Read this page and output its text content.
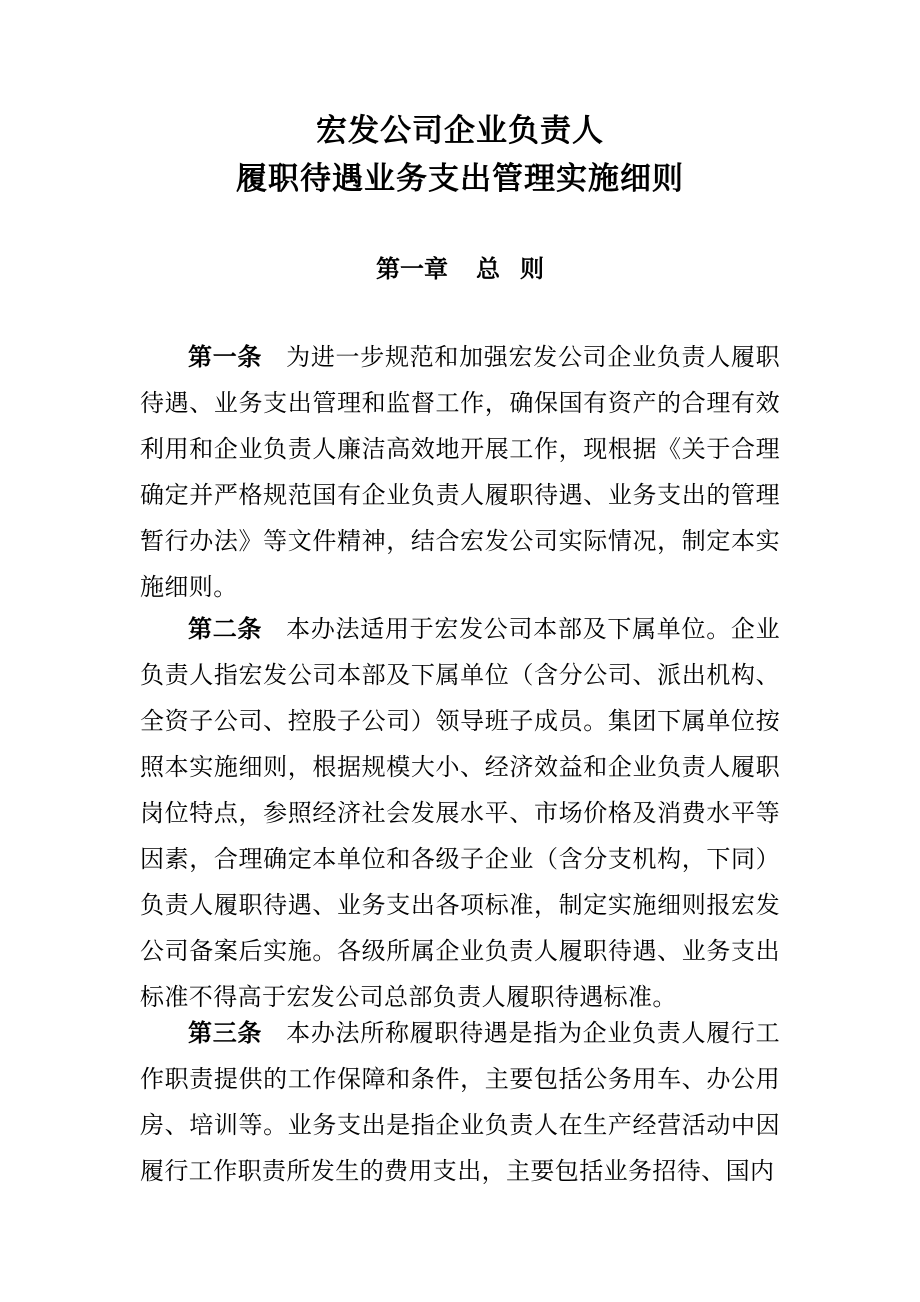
宏发公司企业负责人
履职待遇业务支出管理实施细则
第一章 总 则
第一条 为进一步规范和加强宏发公司企业负责人履职待遇、业务支出管理和监督工作，确保国有资产的合理有效利用和企业负责人廉洁高效地开展工作，现根据《关于合理确定并严格规范国有企业负责人履职待遇、业务支出的管理暂行办法》等文件精神，结合宏发公司实际情况，制定本实施细则。
第二条 本办法适用于宏发公司本部及下属单位。企业负责人指宏发公司本部及下属单位（含分公司、派出机构、全资子公司、控股子公司）领导班子成员。集团下属单位按照本实施细则，根据规模大小、经济效益和企业负责人履职岗位特点，参照经济社会发展水平、市场价格及消费水平等因素，合理确定本单位和各级子企业（含分支机构，下同）负责人履职待遇、业务支出各项标准，制定实施细则报宏发公司备案后实施。各级所属企业负责人履职待遇、业务支出标准不得高于宏发公司总部负责人履职待遇标准。
第三条 本办法所称履职待遇是指为企业负责人履行工作职责提供的工作保障和条件，主要包括公务用车、办公用房、培训等。业务支出是指企业负责人在生产经营活动中因履行工作职责所发生的费用支出，主要包括业务招待、国内
